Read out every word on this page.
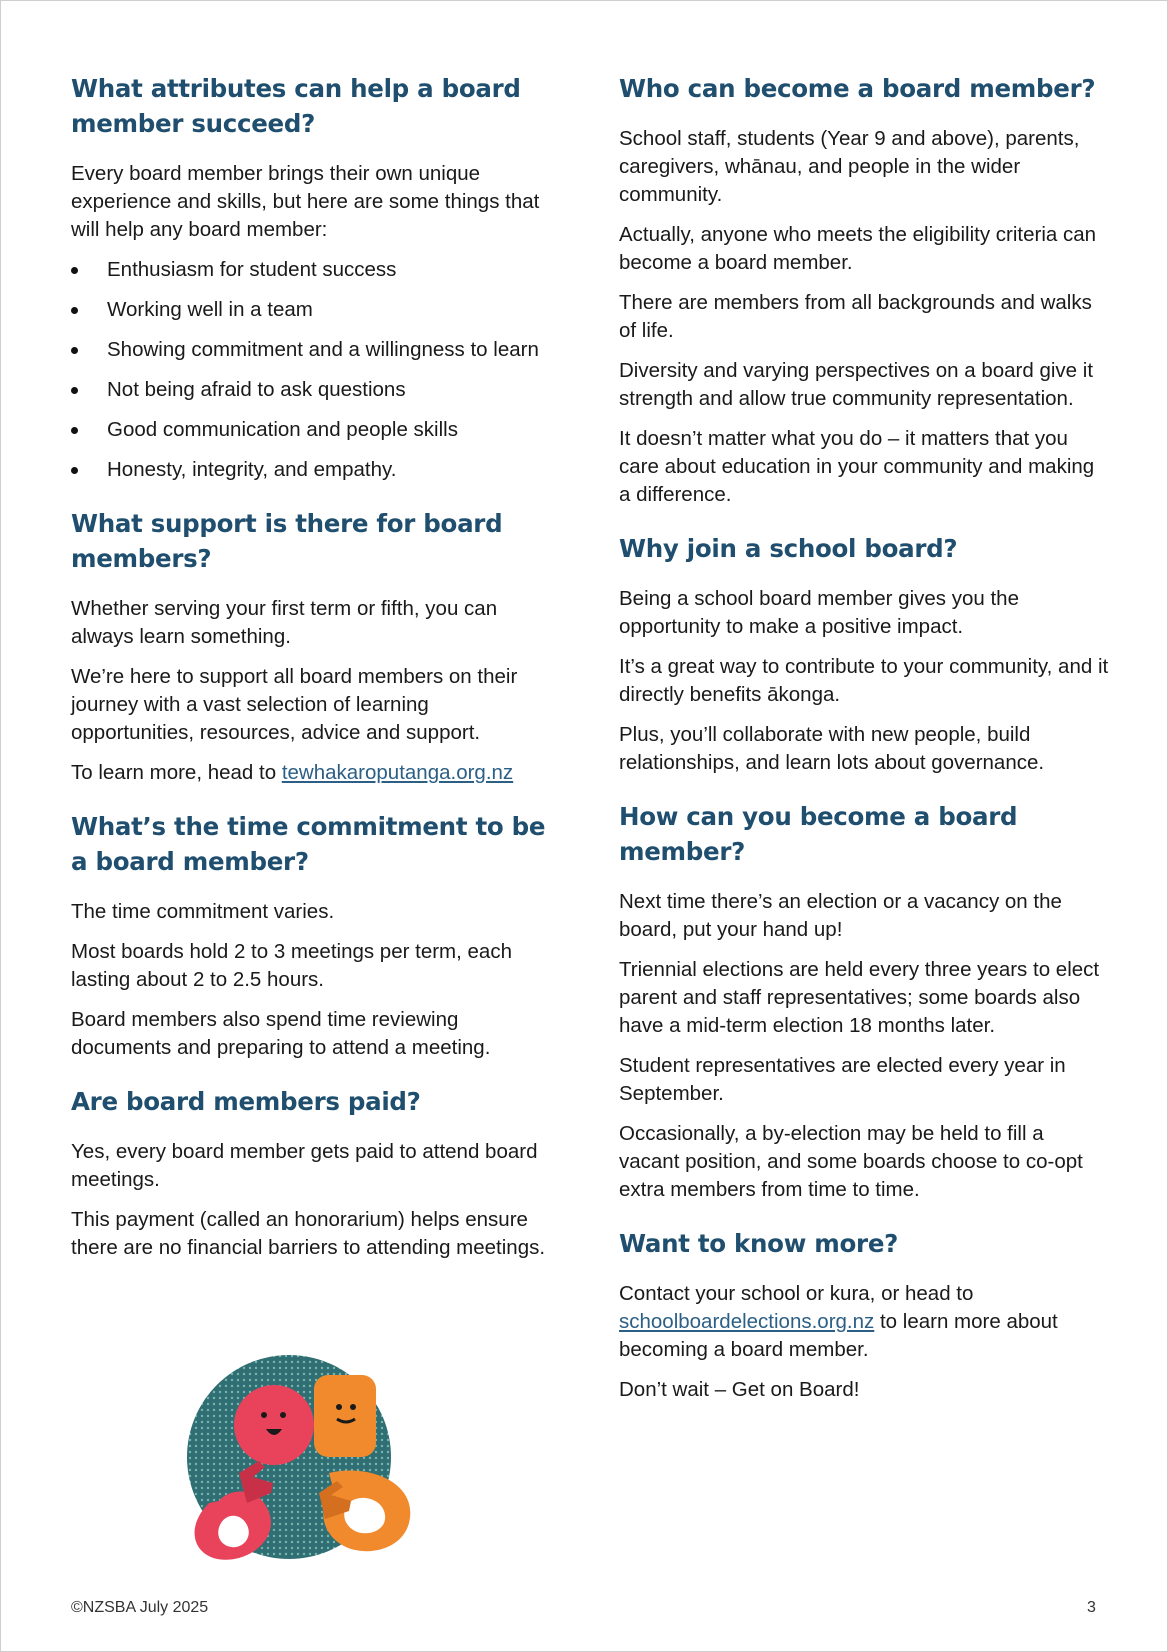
What attributes can help a board member succeed?

Every board member brings their own unique experience and skills, but here are some things that will help any board member:

Enthusiasm for student success
Working well in a team
Showing commitment and a willingness to learn
Not being afraid to ask questions
Good communication and people skills
Honesty, integrity, and empathy.
What support is there for board members?

Whether serving your first term or fifth, you can always learn something.

We’re here to support all board members on their journey with a vast selection of learning opportunities, resources, advice and support.

To learn more, head to tewhakaroputanga.org.nz

What’s the time commitment to be a board member?

The time commitment varies.

Most boards hold 2 to 3 meetings per term, each lasting about 2 to 2.5 hours.

Board members also spend time reviewing documents and preparing to attend a meeting.

Are board members paid?

Yes, every board member gets paid to attend board meetings.

This payment (called an honorarium) helps ensure there are no financial barriers to attending meetings.

Who can become a board member?

School staff, students (Year 9 and above), parents, caregivers, whānau, and people in the wider community.

Actually, anyone who meets the eligibility criteria can become a board member.

There are members from all backgrounds and walks of life.

Diversity and varying perspectives on a board give it strength and allow true community representation.

It doesn’t matter what you do – it matters that you care about education in your community and making a difference.

Why join a school board?

Being a school board member gives you the opportunity to make a positive impact.

It’s a great way to contribute to your community, and it directly benefits ākonga.

Plus, you’ll collaborate with new people, build relationships, and learn lots about governance.

How can you become a board member?

Next time there’s an election or a vacancy on the board, put your hand up!

Triennial elections are held every three years to elect parent and staff representatives; some boards also have a mid-term election 18 months later.

Student representatives are elected every year in September.

Occasionally, a by-election may be held to fill a vacant position, and some boards choose to co-opt extra members from time to time.

Want to know more?

Contact your school or kura, or head to schoolboardelections.org.nz to learn more about becoming a board member.

Don’t wait – Get on Board!

©NZSBA July 2025	3
